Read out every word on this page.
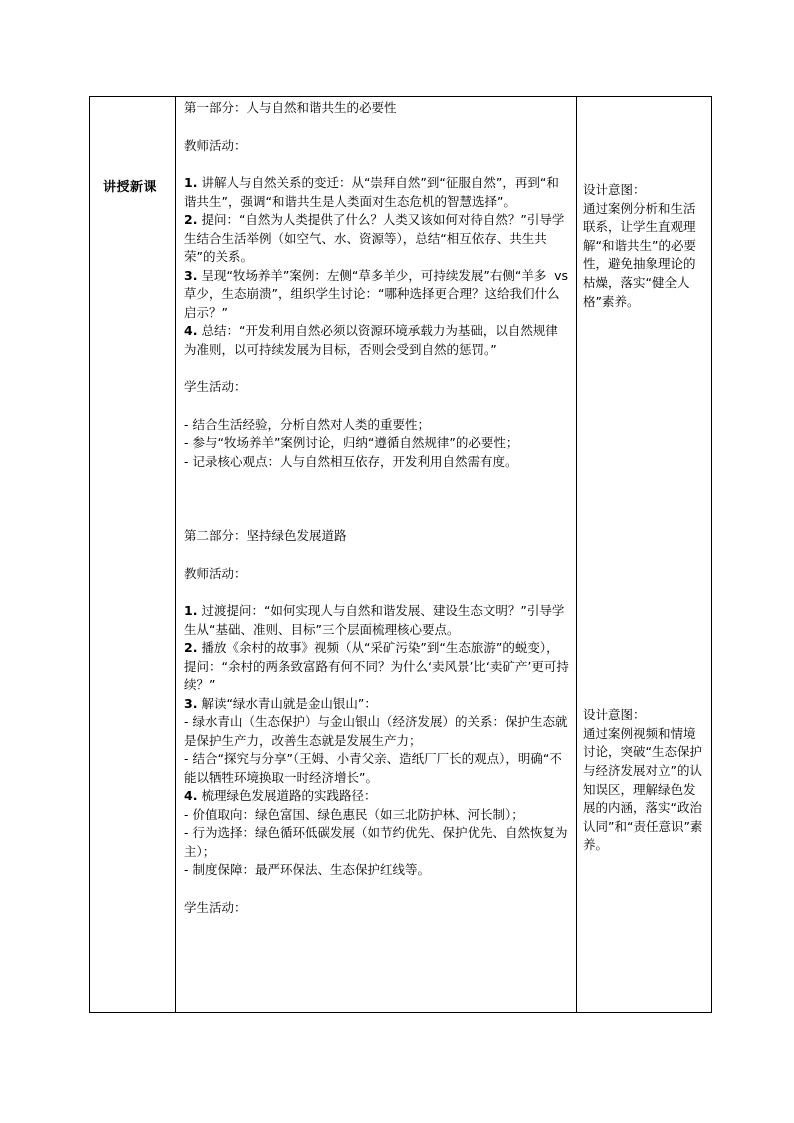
讲授新课

第一部分：人与自然和谐共生的必要性

教师活动：

1. 讲解人与自然关系的变迁：从“崇拜自然”到“征服自然”，再到“和谐共生”，强调“和谐共生是人类面对生态危机的智慧选择”。

2. 提问：“自然为人类提供了什么？人类又该如何对待自然？”引导学生结合生活举例（如空气、水、资源等），总结“相互依存、共生共荣”的关系。

3. 呈现“牧场养羊”案例：左侧“草多羊少，可持续发展”	vs
右侧“羊多草少，生态崩溃”，组织学生讨论：“哪种选择更合理？这给我们什么启示？”

4. 总结：“开发利用自然必须以资源环境承载力为基础，以自然规律为准则，以可持续发展为目标，否则会受到自然的惩罚。”

学生活动：

- 结合生活经验，分析自然对人类的重要性；

- 参与“牧场养羊”案例讨论，归纳“遵循自然规律”的必要性；

- 记录核心观点：人与自然相互依存，开发利用自然需有度。

第二部分：坚持绿色发展道路

教师活动：

1. 过渡提问：“如何实现人与自然和谐发展、建设生态文明？”引导学生从“基础、准则、目标”三个层面梳理核心要点。

2. 播放《余村的故事》视频（从“采矿污染”到“生态旅游”的蜕变），提问：“余村的两条致富路有何不同？为什么‘卖风景’比‘卖矿产’更可持续？”

3. 解读“绿水青山就是金山银山”：

- 绿水青山（生态保护）与金山银山（经济发展）的关系：保护生态就是保护生产力，改善生态就是发展生产力；

- 结合“探究与分享”（王姆、小青父亲、造纸厂厂长的观点），明确“不能以牺牲环境换取一时经济增长”。

4. 梳理绿色发展道路的实践路径：

- 价值取向：绿色富国、绿色惠民（如三北防护林、河长制）；

- 行为选择：绿色循环低碳发展（如节约优先、保护优先、自然恢复为主）；

- 制度保障：最严环保法、生态保护红线等。

学生活动：

设计意图：

通过案例分析和生活联系，让学生直观理解“和谐共生”的必要性，避免抽象理论的枯燥，落实“健全人格”素养。

设计意图：

通过案例视频和情境讨论，突破“生态保护与经济发展对立”的认知误区，理解绿色发展的内涵，落实“政治认同”和“责任意识”素养。
